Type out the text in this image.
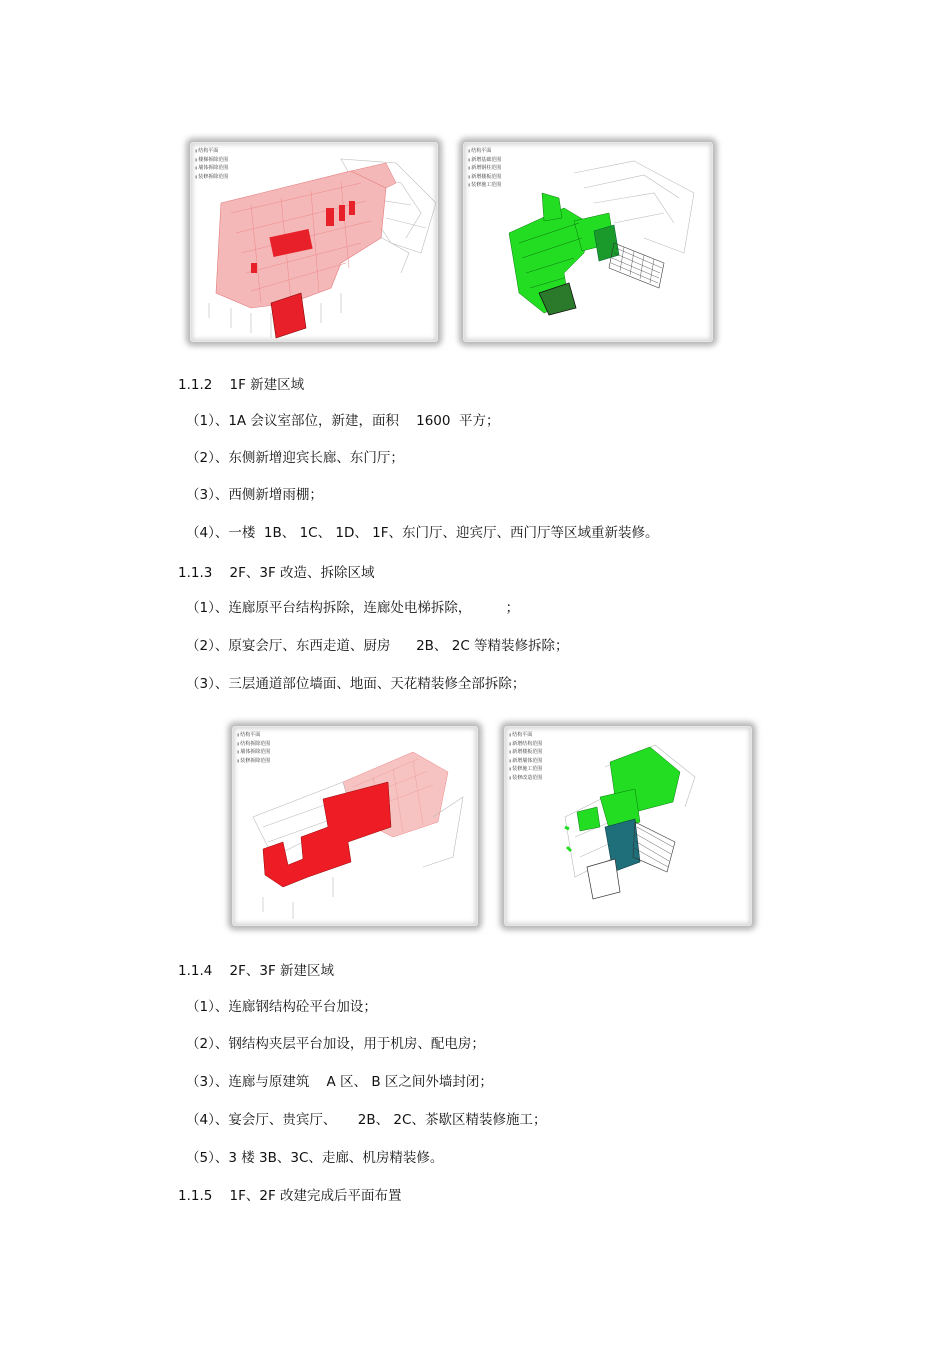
▮ 结构平面
▮ 楼梯拆除范围
▮ 墙体拆除范围
▮ 装修拆除范围
▮ 结构平面
▮ 新增基础范围
▮ 新增钢柱范围
▮ 新增楼板范围
▮ 装修施工范围
1.1.2 1F 新建区域
（1）、1A 会议室部位，新建，面积    1600  平方；
（2）、东侧新增迎宾长廊、东门厅；
（3）、西侧新增雨棚；
（4）、一楼  1B、 1C、 1D、 1F、东门厅、迎宾厅、西门厅等区域重新装修。
1.1.3 2F、3F 改造、拆除区域
（1）、连廊原平台结构拆除，连廊处电梯拆除，        ；
（2）、原宴会厅、东西走道、厨房      2B、 2C 等精装修拆除；
（3）、三层通道部位墙面、地面、天花精装修全部拆除；
▮ 结构平面
▮ 结构拆除范围
▮ 墙体拆除范围
▮ 装修拆除范围
▮ 结构平面
▮ 新增结构范围
▮ 新增楼板范围
▮ 新增墙体范围
▮ 装修施工范围
▮ 装修改造范围
1.1.4 2F、3F 新建区域
（1）、连廊钢结构砼平台加设；
（2）、钢结构夹层平台加设，用于机房、配电房；
（3）、连廊与原建筑    A 区、 B 区之间外墙封闭；
（4）、宴会厅、贵宾厅、     2B、 2C、茶歇区精装修施工；
（5）、3 楼 3B、3C、走廊、机房精装修。
1.1.5 1F、2F 改建完成后平面布置
